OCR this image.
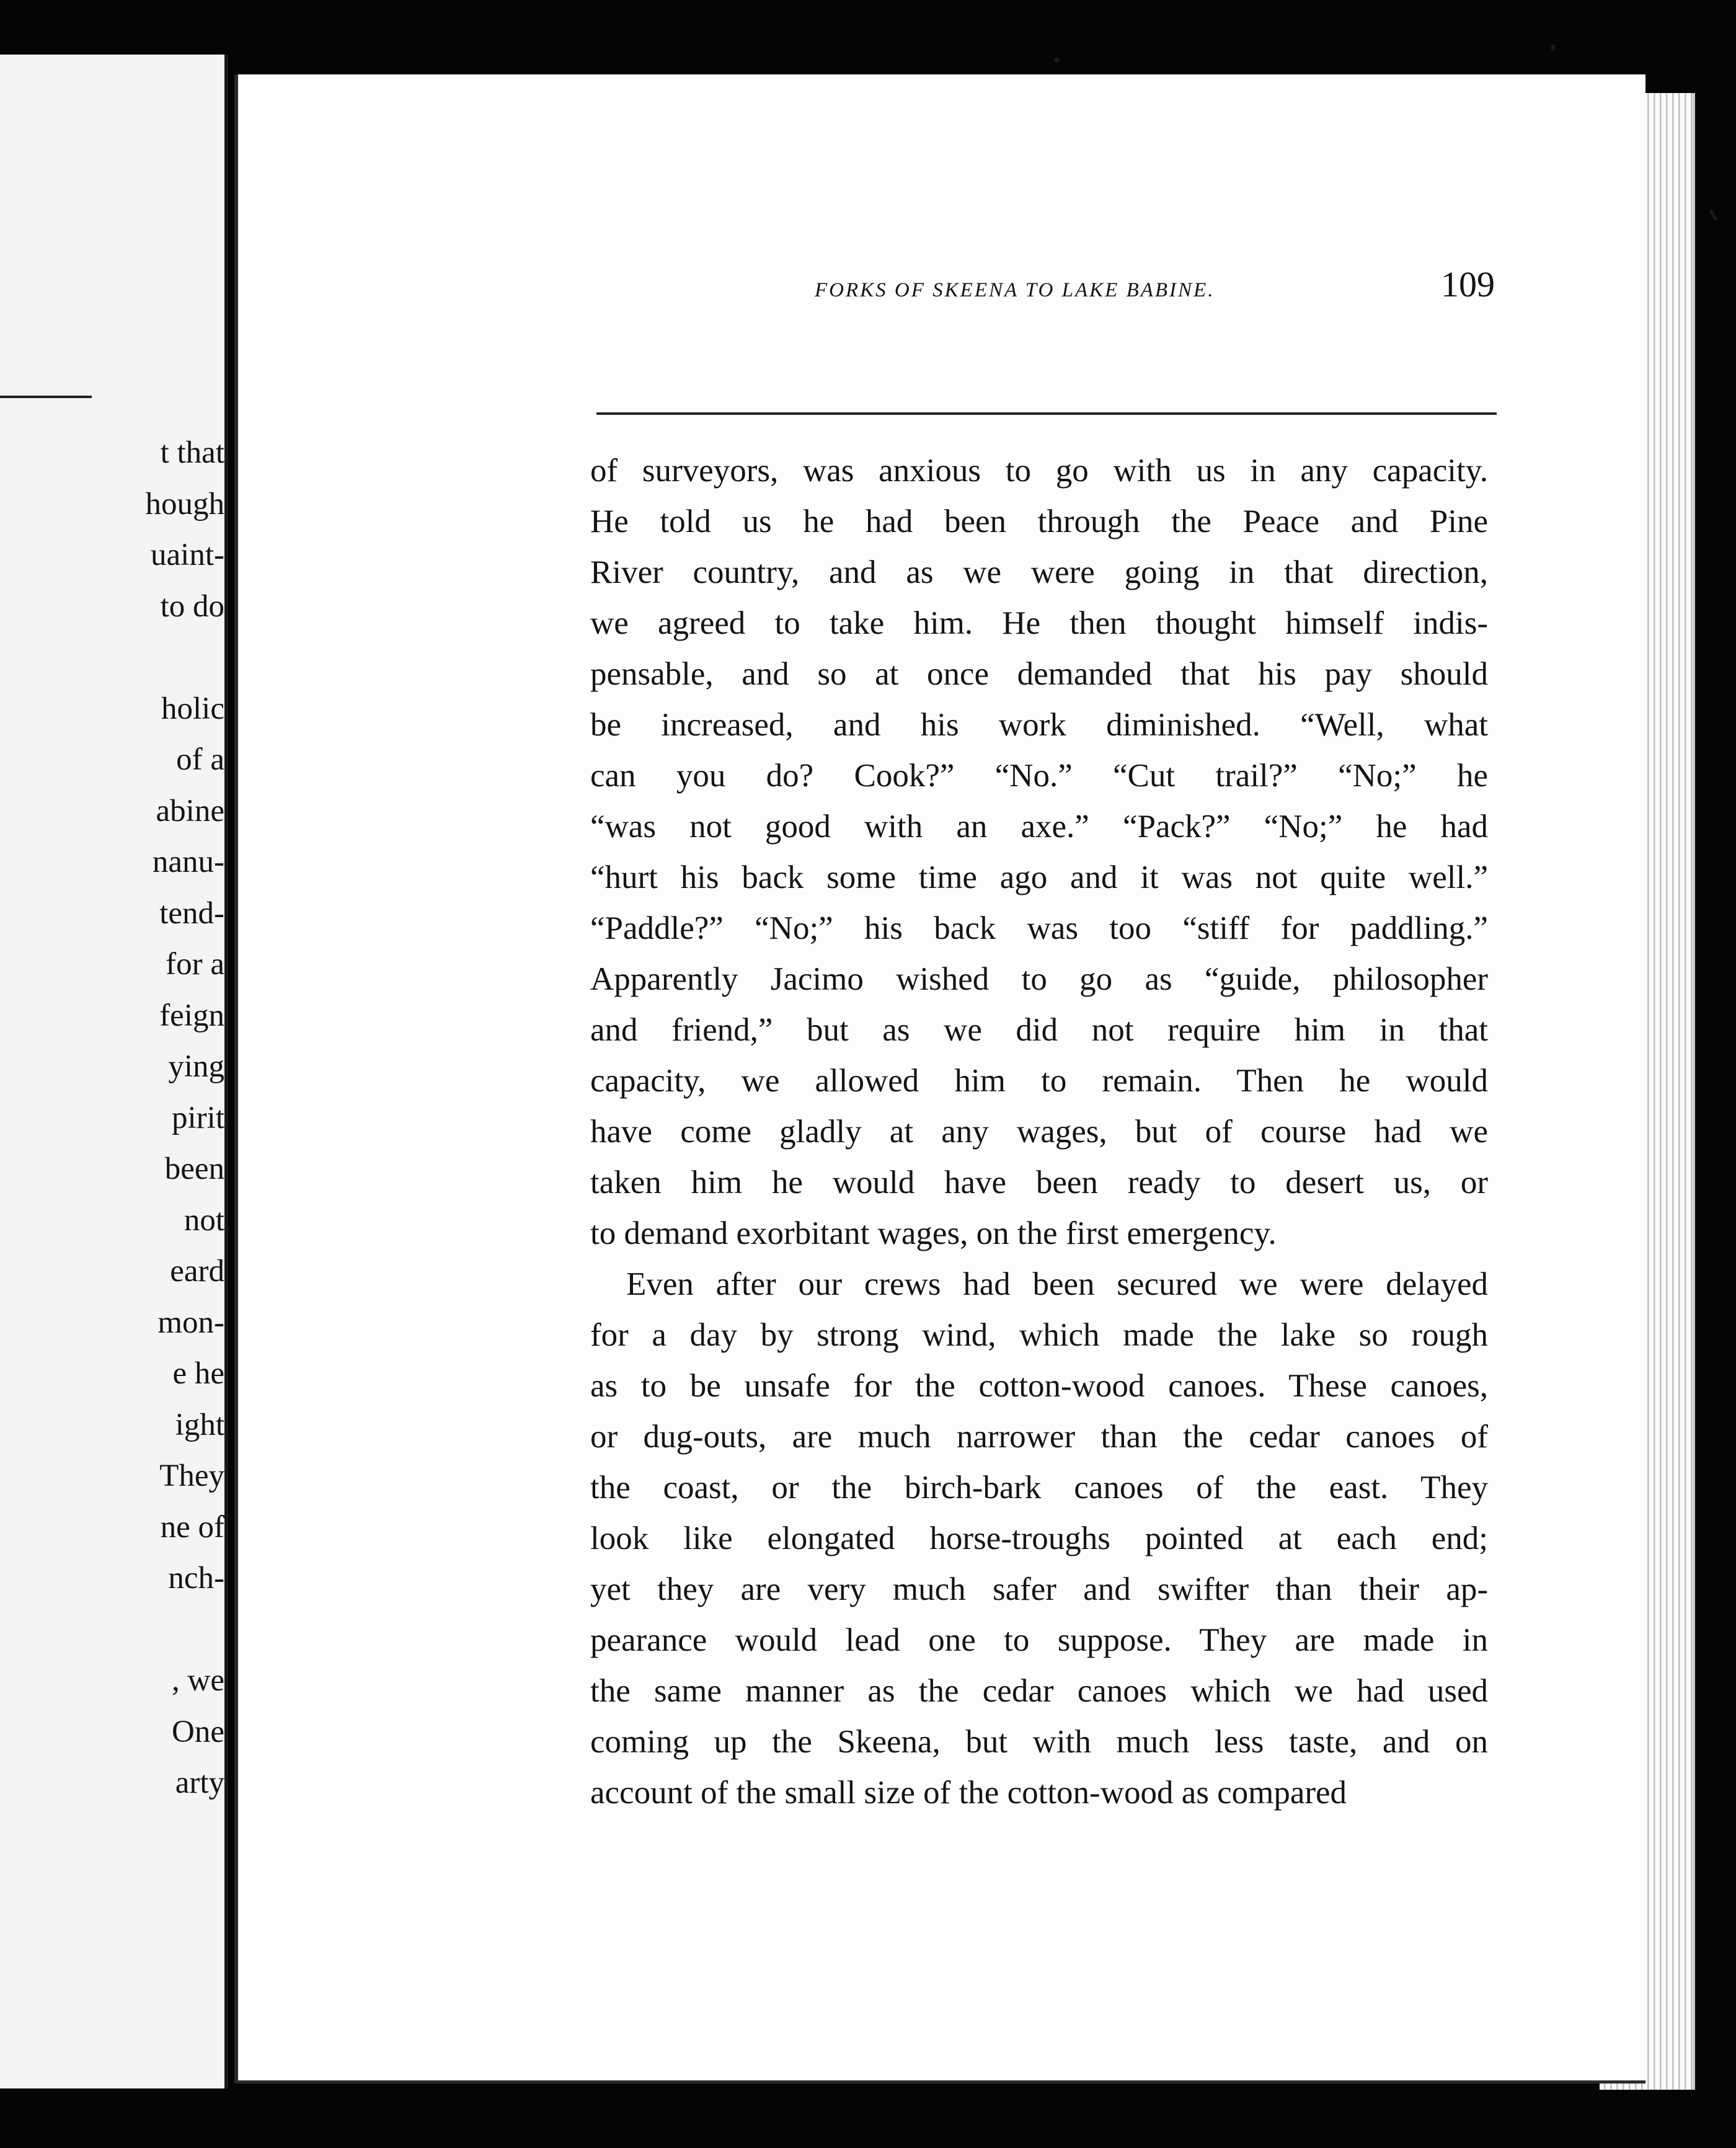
t that
hough
uaint-
to do
holic
of a
abine
nanu-
tend-
for a
feign
ying
pirit
been
not
eard
mon-
e he
ight
They
ne of
nch-
, we
One
arty
FORKS OF SKEENA TO LAKE BABINE.	109
of surveyors, was anxious to go with us in any capacity.
He told us he had been through the Peace and Pine
River country, and as we were going in that direction,
we agreed to take him. He then thought himself indis-
pensable, and so at once demanded that his pay should
be increased, and his work diminished. “Well, what
can you do? Cook?” “No.” “Cut trail?” “No;” he
“was not good with an axe.” “Pack?” “No;” he had
“hurt his back some time ago and it was not quite well.”
“Paddle?” “No;” his back was too “stiff for paddling.”
Apparently Jacimo wished to go as “guide, philosopher
and friend,” but as we did not require him in that
capacity, we allowed him to remain. Then he would
have come gladly at any wages, but of course had we
taken him he would have been ready to desert us, or
to demand exorbitant wages, on the first emergency.
Even after our crews had been secured we were delayed
for a day by strong wind, which made the lake so rough
as to be unsafe for the cotton-wood canoes. These canoes,
or dug-outs, are much narrower than the cedar canoes of
the coast, or the birch-bark canoes of the east. They
look like elongated horse-troughs pointed at each end;
yet they are very much safer and swifter than their ap-
pearance would lead one to suppose. They are made in
the same manner as the cedar canoes which we had used
coming up the Skeena, but with much less taste, and on
account of the small size of the cotton-wood as compared
